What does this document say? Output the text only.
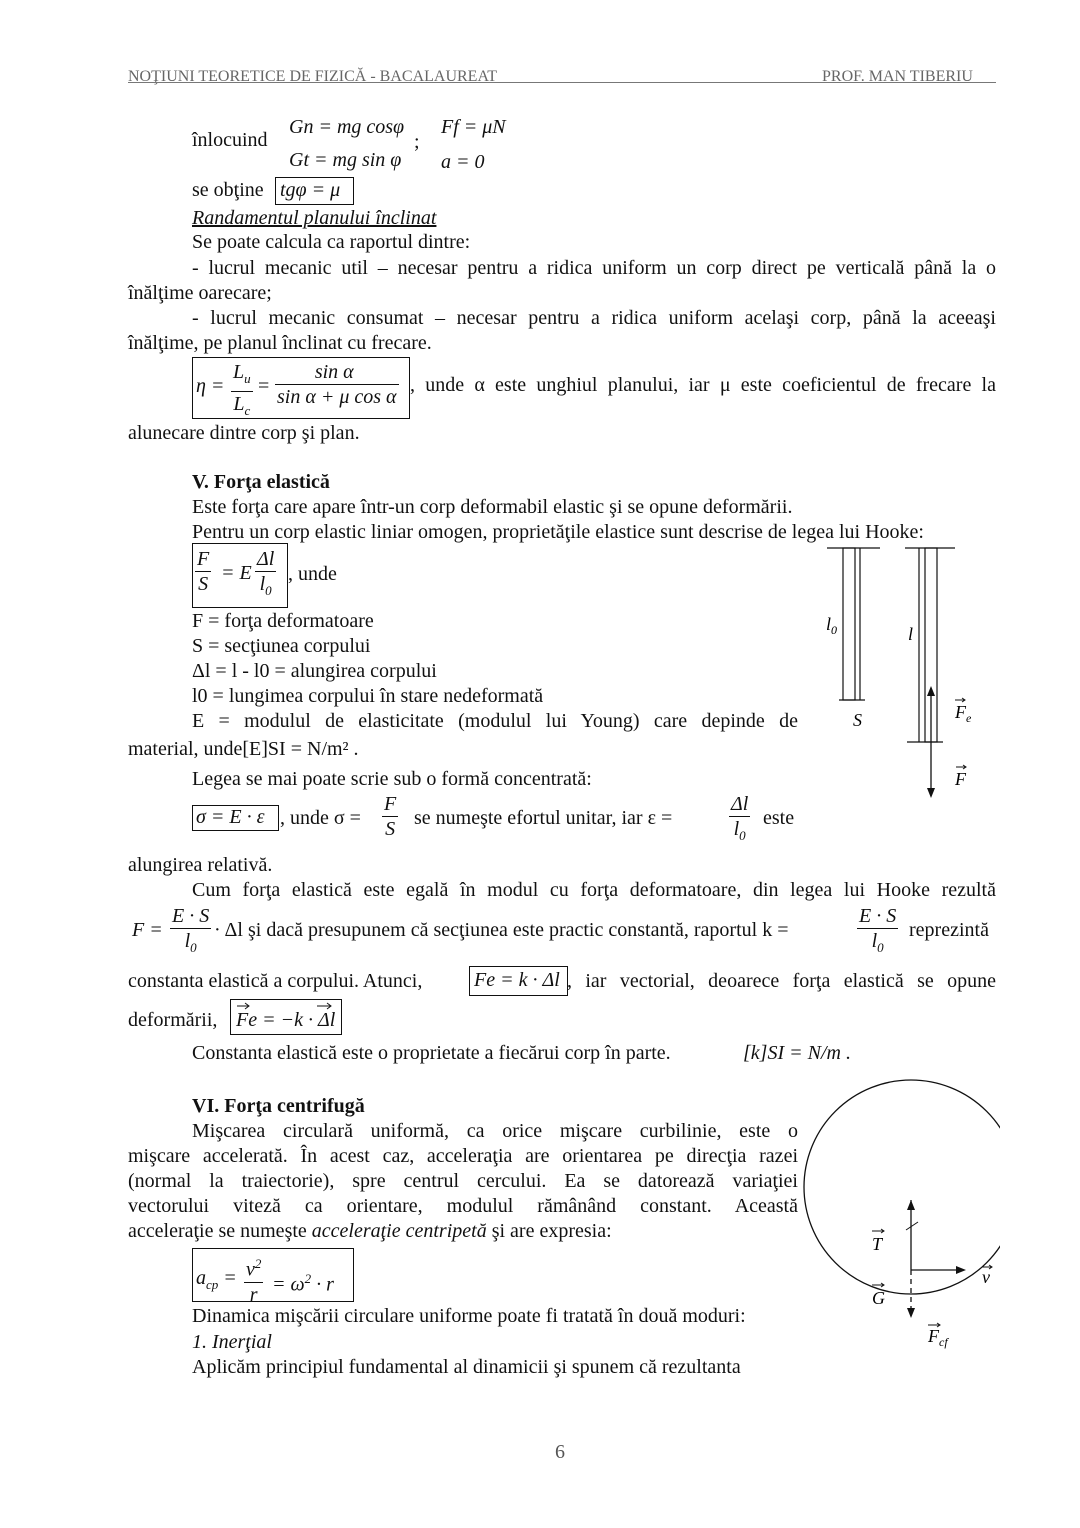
NOŢIUNI TEORETICE DE FIZICĂ - BACALAUREAT	PROF. MAN TIBERIU
înlocuind
Gn = mg cosφ
Gt = mg sin φ
;
Ff = μN
a = 0
se obţine tgφ = μ
Randamentul planului înclinat
Se poate calcula ca raportul dintre:
- lucrul mecanic util – necesar pentru a ridica uniform un corp direct pe verticală până la o
înălţime oarecare;
- lucrul mecanic consumat – necesar pentru a ridica uniform acelaşi corp, până la aceeaşi
înălţime, pe planul înclinat cu frecare.
$\eta = \frac{L_u}{L_c} = \frac{\text{sin α}}{\text{sin α + μ cos α}}$ , unde α este unghiul planului, iar μ este coeficientul de frecare la
alunecare dintre corp şi plan.
V. Forţa elastică
Este forţa care apare într-un corp deformabil elastic şi se opune deformării.
Pentru un corp elastic liniar omogen, proprietăţile elastice sunt descrise de legea lui Hooke:
$\frac{F}{S} = E \frac{\Delta l}{l_0}$ , unde
F = forţa deformatoare
S = secţiunea corpului
Δl = l - l0 = alungirea corpului
l0 = lungimea corpului în stare nedeformată
E = modulul de elasticitate (modulul lui Young) care depinde de
material, unde[E]SI = N/m² .
Legea se mai poate scrie sub o formă concentrată:
σ = E · ε , unde $\sigma = \frac{F}{S}$ se numeşte efortul unitar, iar ε =	$\frac{\Delta l}{l_0}$ este
alungirea relativă.
Cum forţa elastică este egală în modul cu forţa deformatoare, din legea lui Hooke rezultă
$F = \frac{E \cdot S}{l_0} \cdot \Delta l$ şi dacă presupunem că secţiunea este practic constantă, raportul k =	$\frac{E \cdot S}{l_0}$ reprezintă
constanta elastică a corpului. Atunci,	Fe = k · Δl , iar vectorial, deoarece forţa elastică se opune
deformării, Fe = −k · Δl
Constanta elastică este o proprietate a fiecărui corp în parte.	[k]SI = N/m .
$l_0$	l
S	$F_e$
F
VI. Forţa centrifugă
Mişcarea circulară uniformă, ca orice mişcare curbilinie, este o
mişcare accelerată. În acest caz, acceleraţia are orientarea pe direcţia razei
(normal la traiectorie), spre centrul cercului. Ea se datorează variaţiei
vectorului viteză ca orientare, modulul rămânând constant. Această
acceleraţie se numeşte acceleraţie centripetă şi are expresia:
$a_{cp} = \frac{v^2}{r} = \omega^2 \cdot r$
Dinamica mişcării circulare uniforme poate fi tratată în două moduri:
1. Inerţial
Aplicăm principiul fundamental al dinamicii şi spunem că rezultanta
T
G
v
$F_{cf}$
6
